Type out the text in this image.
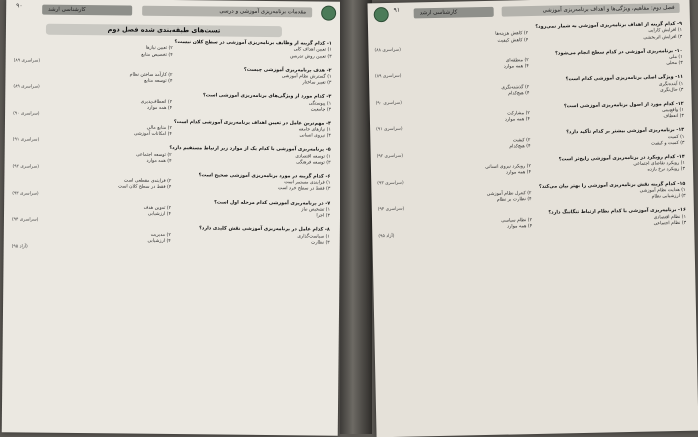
۹۰
کارشناسی ارشد	مقدمات برنامه‌ریزی آموزشی و درسی
تست‌های طبقه‌بندی شده فصل دوم
۱- کدام گزینه از وظایف برنامه‌ریزی آموزشی در سطح کلان نیست؟
۱) تعیین اهداف کلی
۲) تعیین نیازها
۳) تعیین روش تدریس
۴) تخصیص منابع
(سراسری ۸۹)
۲- هدف برنامه‌ریزی آموزشی چیست؟
۱) گسترش نظام آموزشی
۲) کارآمد ساختن نظام
۳) تغییر ساختار
۴) توسعه منابع
(سراسری ۸۹)
۳- کدام مورد از ویژگی‌های برنامه‌ریزی آموزشی است؟
۱) پیوستگی
۲) انعطاف‌پذیری
۳) جامعیت
۴) همه موارد
(سراسری ۹۰)
۴- مهم‌ترین عامل در تعیین اهداف برنامه‌ریزی آموزشی کدام است؟
۱) نیازهای جامعه
۲) منابع مالی
۳) نیروی انسانی
۴) امکانات آموزشی
(سراسری ۹۱)
۵- برنامه‌ریزی آموزشی با کدام یک از موارد زیر ارتباط مستقیم دارد؟
۱) توسعه اقتصادی
۲) توسعه اجتماعی
۳) توسعه فرهنگی
۴) همه موارد
(سراسری ۹۲)
۶- کدام گزینه در مورد برنامه‌ریزی آموزشی صحیح است؟
۱) فرایندی مستمر است
۲) فرایندی مقطعی است
۳) فقط در سطح خرد است
۴) فقط در سطح کلان است
(سراسری ۹۳)
۷- در برنامه‌ریزی آموزشی کدام مرحله اول است؟
۱) تشخیص نیاز
۲) تدوین هدف
۳) اجرا
۴) ارزشیابی
(سراسری ۹۴)
۸- کدام عامل در برنامه‌ریزی آموزشی نقش کلیدی دارد؟
۱) سیاست‌گذاری
۲) مدیریت
۳) نظارت
۴) ارزشیابی
(آزاد ۹۵)
۹۱	کارشناسی ارشد	فصل دوم: مفاهیم، ویژگی‌ها و اهداف برنامه‌ریزی آموزشی
۹- کدام گزینه از اهداف برنامه‌ریزی آموزشی به شمار نمی‌رود؟
۱) افزایش کارایی
۲) کاهش هزینه‌ها
۳) افزایش اثربخشی
۴) کاهش کیفیت
(سراسری ۸۸)	۱۰- برنامه‌ریزی آموزشی در کدام سطح انجام می‌شود؟
۱) ملی
۲) منطقه‌ای
۳) محلی
۴) همه موارد
(سراسری ۸۹)	۱۱- ویژگی اصلی برنامه‌ریزی آموزشی کدام است؟
۱) آینده‌نگری
۲) گذشته‌نگری
۳) حال‌نگری
۴) هیچ‌کدام
(سراسری ۹۰)	۱۲- کدام مورد از اصول برنامه‌ریزی آموزشی است؟
۱) واقع‌بینی
۲) مشارکت
۳) انعطاف
۴) همه موارد
(سراسری ۹۱)	۱۳- برنامه‌ریزی آموزشی بیشتر بر کدام تأکید دارد؟
۱) کمیت
۲) کیفیت
۳) کمیت و کیفیت
۴) هیچ‌کدام
(سراسری ۹۲)	۱۴- کدام رویکرد در برنامه‌ریزی آموزشی رایج‌تر است؟
۱) رویکرد تقاضای اجتماعی
۲) رویکرد نیروی انسانی
۳) رویکرد نرخ بازده
۴) همه موارد
(سراسری ۹۳)	۱۵- کدام گزینه نقش برنامه‌ریزی آموزشی را بهتر بیان می‌کند؟
۱) هدایت نظام آموزشی
۲) کنترل نظام آموزشی
۳) ارزشیابی نظام
۴) نظارت بر نظام
(سراسری ۹۴)	۱۶- برنامه‌ریزی آموزشی با کدام نظام ارتباط تنگاتنگ دارد؟
۱) نظام اقتصادی
۲) نظام سیاسی
۳) نظام اجتماعی
۴) همه موارد
(آزاد ۹۵)
